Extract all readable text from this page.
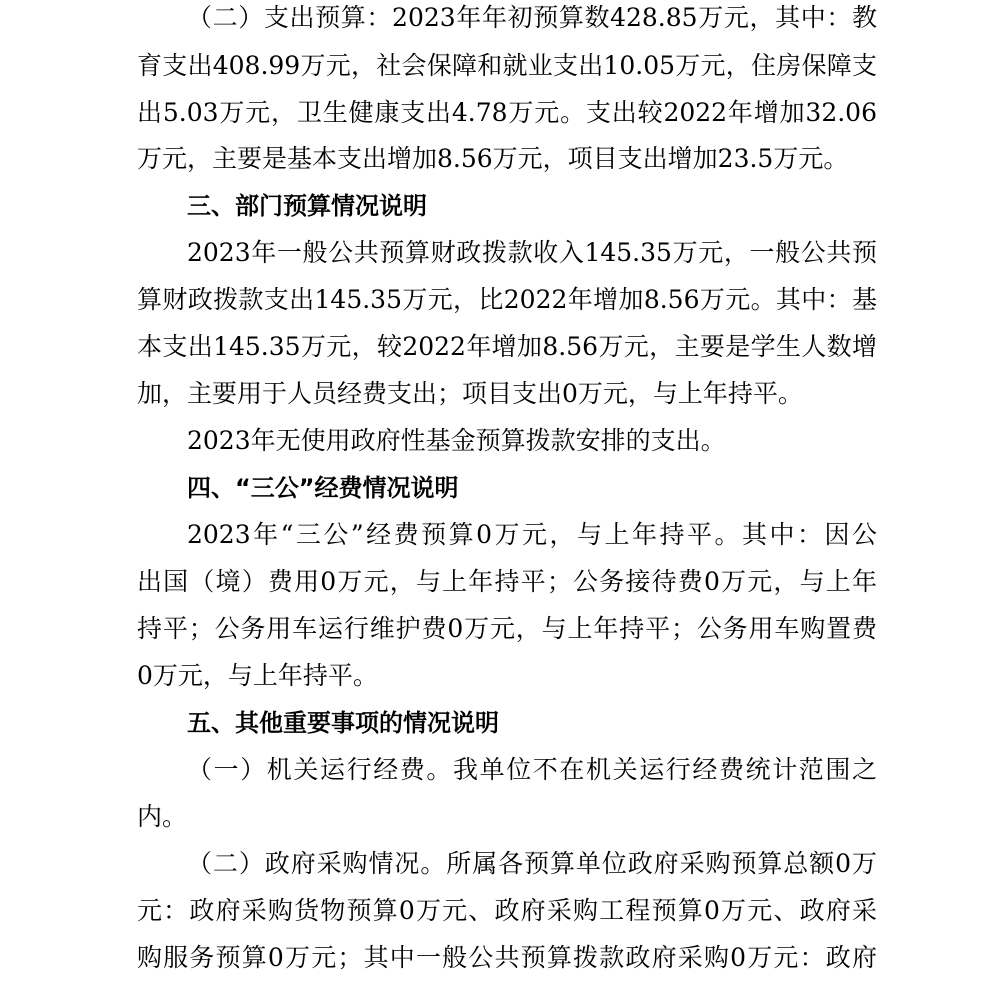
（二）支出预算：2023年年初预算数428.85万元，其中：教
育支出408.99万元，社会保障和就业支出10.05万元，住房保障支
出5.03万元，卫生健康支出4.78万元。支出较2022年增加32.06
万元，主要是基本支出增加8.56万元，项目支出增加23.5万元。
三、部门预算情况说明
2023年一般公共预算财政拨款收入145.35万元，一般公共预
算财政拨款支出145.35万元，比2022年增加8.56万元。其中：基
本支出145.35万元，较2022年增加8.56万元，主要是学生人数增
加，主要用于人员经费支出；项目支出0万元，与上年持平。
2023年无使用政府性基金预算拨款安排的支出。
四、“三公”经费情况说明
2023年“三公”经费预算0万元，与上年持平。其中：因公
出国（境）费用0万元，与上年持平；公务接待费0万元，与上年
持平；公务用车运行维护费0万元，与上年持平；公务用车购置费
0万元，与上年持平。
五、其他重要事项的情况说明
（一）机关运行经费。我单位不在机关运行经费统计范围之
内。
（二）政府采购情况。所属各预算单位政府采购预算总额0万
元：政府采购货物预算0万元、政府采购工程预算0万元、政府采
购服务预算0万元；其中一般公共预算拨款政府采购0万元：政府
